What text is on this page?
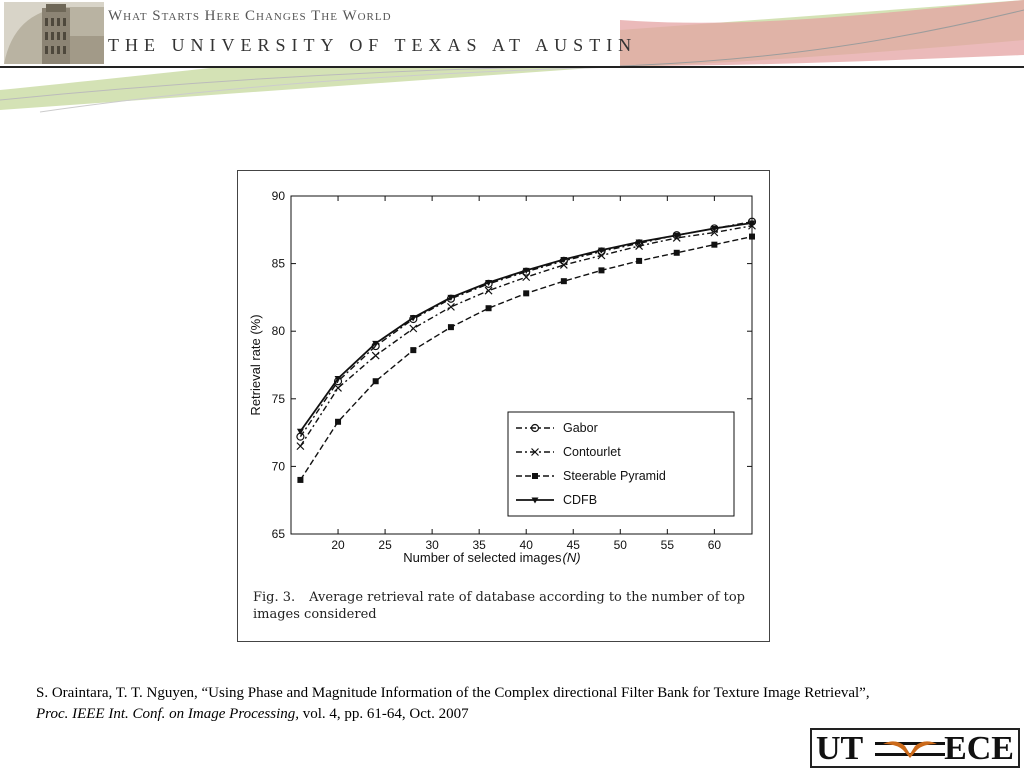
What Starts Here Changes The World
THE UNIVERSITY OF TEXAS AT AUSTIN
20	25	30	35	40	45	50	55	60
65
70
75
80
85
90
Number of selected images (N)
Retrieval rate (%)
Gabor
Contourlet
Steerable Pyramid
CDFB
Fig. 3. Average retrieval rate of database according to the number of top images considered
S. Oraintara, T. T. Nguyen, “Using Phase and Magnitude Information of the Complex directional Filter Bank for Texture Image Retrieval”, Proc. IEEE Int. Conf. on Image Processing, vol. 4, pp. 61-64, Oct. 2007
UT ECE
